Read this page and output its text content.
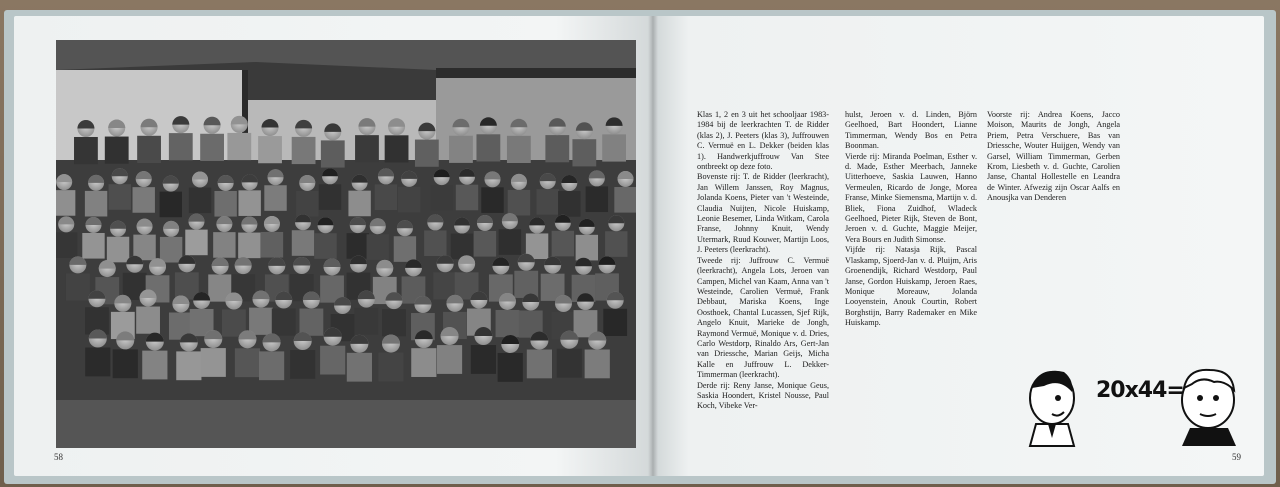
58

Klas 1, 2 en 3 uit het schooljaar 1983-1984 bij de leerkrachten T. de Ridder (klas 2), J. Peeters (klas 3), Juffrouwen C. Vermuë en L. Dekker (beiden klas 1). Handwerkjuffrouw Van Stee ontbreekt op deze foto.

Bovenste rij: T. de Ridder (leerkracht), Jan Willem Janssen, Roy Magnus, Jolanda Koens, Pieter van 't Westeinde, Claudia Nuijten, Nicole Huiskamp, Leonie Besemer, Linda Witkam, Carola Franse, Johnny Knuit, Wendy Utermark, Ruud Kouwer, Martijn Loos, J. Peeters (leerkracht).

Tweede rij: Juffrouw C. Vermuë (leerkracht), Angela Lots, Jeroen van Campen, Michel van Kaam, Anna van 't Westeinde, Carolien Vermuë, Frank Debbaut, Mariska Koens, Inge Oosthoek, Chantal Lucassen, Sjef Rijk, Angelo Knuit, Marieke de Jongh, Raymond Vermuë, Monique v. d. Dries, Carlo Westdorp, Rinaldo Ars, Gert-Jan van Driessche, Marian Geijs, Micha Kalle en Juffrouw L. Dekker-Timmerman (leerkracht).

Derde rij: Reny Janse, Monique Geus, Saskia Hoondert, Kristel Nousse, Paul Koch, Vibeke Ver-

hulst, Jeroen v. d. Linden, Björn Geelhoed, Bart Hoondert, Lianne Timmerman, Wendy Bos en Petra Boonman.

Vierde rij: Miranda Poelman, Esther v. d. Made, Esther Meerbach, Janneke Uitterhoeve, Saskia Lauwen, Hanno Vermeulen, Ricardo de Jonge, Morea Franse, Minke Siemensma, Martijn v. d. Bliek, Fiona Zuidhof, Wladeck Geelhoed, Pieter Rijk, Steven de Bont, Jeroen v. d. Guchte, Maggie Meijer, Vera Bours en Judith Simonse.

Vijfde rij: Natasja Rijk, Pascal Vlaskamp, Sjoerd-Jan v. d. Pluijm, Aris Groenendijk, Richard Westdorp, Paul Janse, Gordon Huiskamp, Jeroen Raes, Monique Moreauw, Jolanda Looyenstein, Anouk Courtin, Robert Borghstijn, Barry Rademaker en Mike Huiskamp.

Voorste rij: Andrea Koens, Jacco Moison, Maurits de Jongh, Angela Priem, Petra Verschuere, Bas van Driessche, Wouter Huijgen, Wendy van Garsel, William Timmerman, Gerben Krom, Liesbeth v. d. Guchte, Carolien Janse, Chantal Hollestelle en Leandra de Winter. Afwezig zijn Oscar Aalfs en Anousjka van Denderen

20x44=
59
